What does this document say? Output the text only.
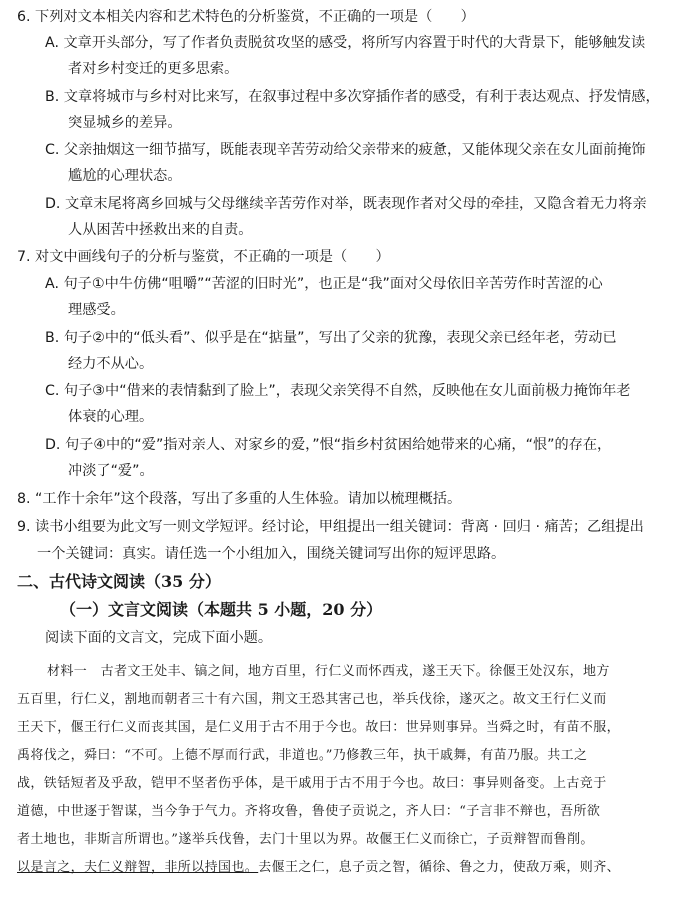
6. 下列对文本相关内容和艺术特色的分析鉴赏，不正确的一项是（　　）
A. 文章开头部分，写了作者负责脱贫攻坚的感受，将所写内容置于时代的大背景下，能够触发读
者对乡村变迁的更多思索。
B. 文章将城市与乡村对比来写，在叙事过程中多次穿插作者的感受，有利于表达观点、抒发情感，
突显城乡的差异。
C. 父亲抽烟这一细节描写，既能表现辛苦劳动给父亲带来的疲惫，又能体现父亲在女儿面前掩饰
尴尬的心理状态。
D. 文章末尾将离乡回城与父母继续辛苦劳作对举，既表现作者对父母的牵挂，又隐含着无力将亲
人从困苦中拯救出来的自责。
7. 对文中画线句子的分析与鉴赏，不正确的一项是（　　）
A. 句子①中牛仿佛“咀嚼”“苦涩的旧时光”，也正是“我”面对父母依旧辛苦劳作时苦涩的心
理感受。
B. 句子②中的“低头看”、似乎是在“掂量”，写出了父亲的犹豫，表现父亲已经年老，劳动已
经力不从心。
C. 句子③中“借来的表情黏到了脸上”，表现父亲笑得不自然，反映他在女儿面前极力掩饰年老
体衰的心理。
D. 句子④中的“爱”指对亲人、对家乡的爱，”恨“指乡村贫困给她带来的心痛，“恨”的存在，
冲淡了“爱”。
8. “工作十余年”这个段落，写出了多重的人生体验。请加以梳理概括。
9. 读书小组要为此文写一则文学短评。经讨论，甲组提出一组关键词：背离 · 回归 · 痛苦；乙组提出
一个关键词：真实。请任选一个小组加入，围绕关键词写出你的短评思路。
二、古代诗文阅读（35 分）
（一）文言文阅读（本题共 5 小题，20 分）
阅读下面的文言文，完成下面小题。
材料一　古者文王处丰、镐之间，地方百里，行仁义而怀西戎，遂王天下。徐偃王处汉东，地方
五百里，行仁义，割地而朝者三十有六国，荆文王恐其害己也，举兵伐徐，遂灭之。故文王行仁义而
王天下，偃王行仁义而丧其国，是仁义用于古不用于今也。故曰：世异则事异。当舜之时，有苗不服，
禹将伐之，舜曰：“不可。上德不厚而行武，非道也。”乃修教三年，执干戚舞，有苗乃服。共工之
战，铁铦短者及乎敌，铠甲不坚者伤乎体，是干戚用于古不用于今也。故曰：事异则备变。上古竞于
道德，中世逐于智谋，当今争于气力。齐将攻鲁，鲁使子贡说之，齐人曰：“子言非不辩也，吾所欲
者土地也，非斯言所谓也。”遂举兵伐鲁，去门十里以为界。故偃王仁义而徐亡，子贡辩智而鲁削。
以是言之，夫仁义辩智，非所以持国也。去偃王之仁，息子贡之智，循徐、鲁之力，使敌万乘，则齐、
